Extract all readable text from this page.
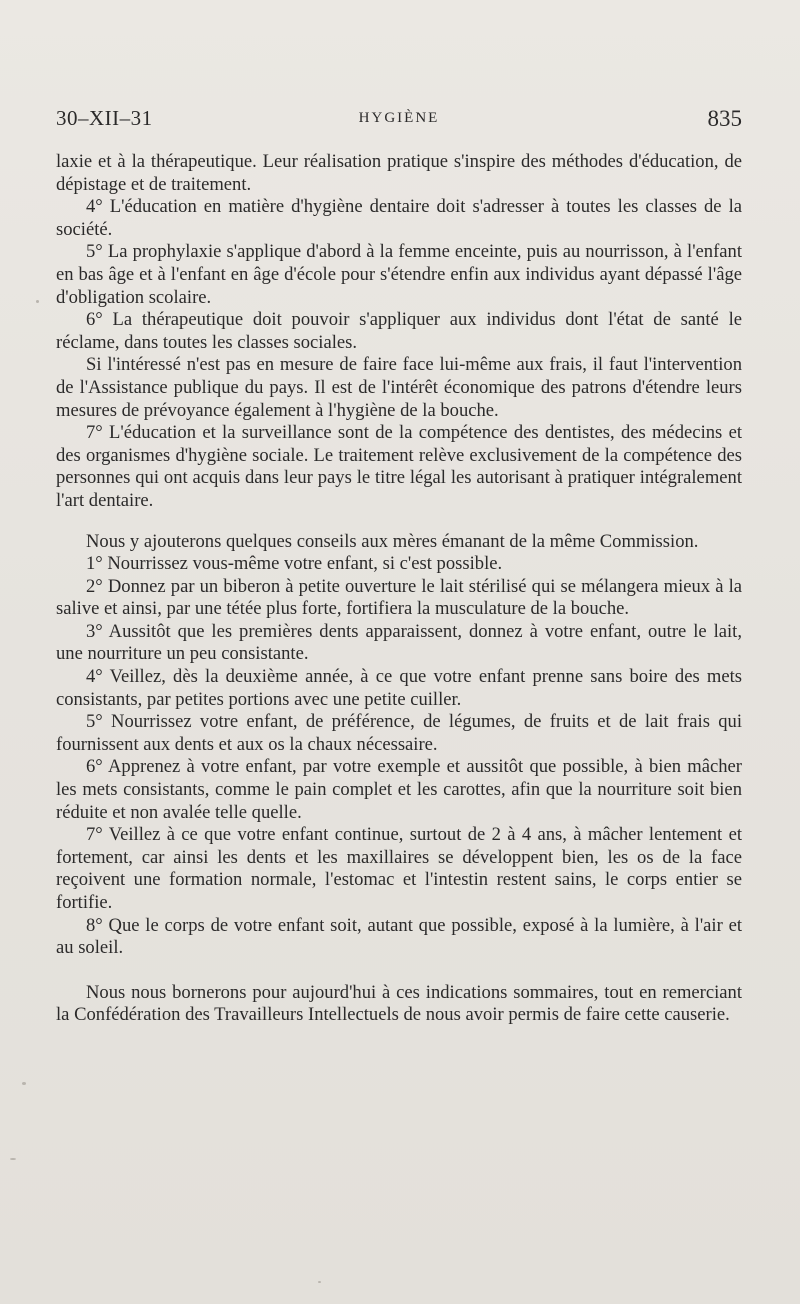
30–XII–31	HYGIÈNE	835

laxie et à la thérapeutique. Leur réalisation pratique s'inspire des méthodes d'éducation, de dépistage et de traitement.

4° L'éducation en matière d'hygiène dentaire doit s'adresser à toutes les classes de la société.

5° La prophylaxie s'applique d'abord à la femme enceinte, puis au nourrisson, à l'enfant en bas âge et à l'enfant en âge d'école pour s'étendre enfin aux individus ayant dépassé l'âge d'obligation scolaire.

6° La thérapeutique doit pouvoir s'appliquer aux individus dont l'état de santé le réclame, dans toutes les classes sociales.

Si l'intéressé n'est pas en mesure de faire face lui-même aux frais, il faut l'intervention de l'Assistance publique du pays. Il est de l'intérêt économique des patrons d'étendre leurs mesures de prévoyance également à l'hygiène de la bouche.

7° L'éducation et la surveillance sont de la compétence des dentistes, des médecins et des organismes d'hygiène sociale. Le traitement relève exclusivement de la compétence des personnes qui ont acquis dans leur pays le titre légal les autorisant à pratiquer intégralement l'art dentaire.

Nous y ajouterons quelques conseils aux mères émanant de la même Commission.

1° Nourrissez vous-même votre enfant, si c'est possible.

2° Donnez par un biberon à petite ouverture le lait stérilisé qui se mélangera mieux à la salive et ainsi, par une tétée plus forte, fortifiera la musculature de la bouche.

3° Aussitôt que les premières dents apparaissent, donnez à votre enfant, outre le lait, une nourriture un peu consistante.

4° Veillez, dès la deuxième année, à ce que votre enfant prenne sans boire des mets consistants, par petites portions avec une petite cuiller.

5° Nourrissez votre enfant, de préférence, de légumes, de fruits et de lait frais qui fournissent aux dents et aux os la chaux nécessaire.

6° Apprenez à votre enfant, par votre exemple et aussitôt que possible, à bien mâcher les mets consistants, comme le pain complet et les carottes, afin que la nourriture soit bien réduite et non avalée telle quelle.

7° Veillez à ce que votre enfant continue, surtout de 2 à 4 ans, à mâcher lentement et fortement, car ainsi les dents et les maxillaires se développent bien, les os de la face reçoivent une formation normale, l'estomac et l'intestin restent sains, le corps entier se fortifie.

8° Que le corps de votre enfant soit, autant que possible, exposé à la lumière, à l'air et au soleil.

Nous nous bornerons pour aujourd'hui à ces indications sommaires, tout en remerciant la Confédération des Travailleurs Intellectuels de nous avoir permis de faire cette causerie.
